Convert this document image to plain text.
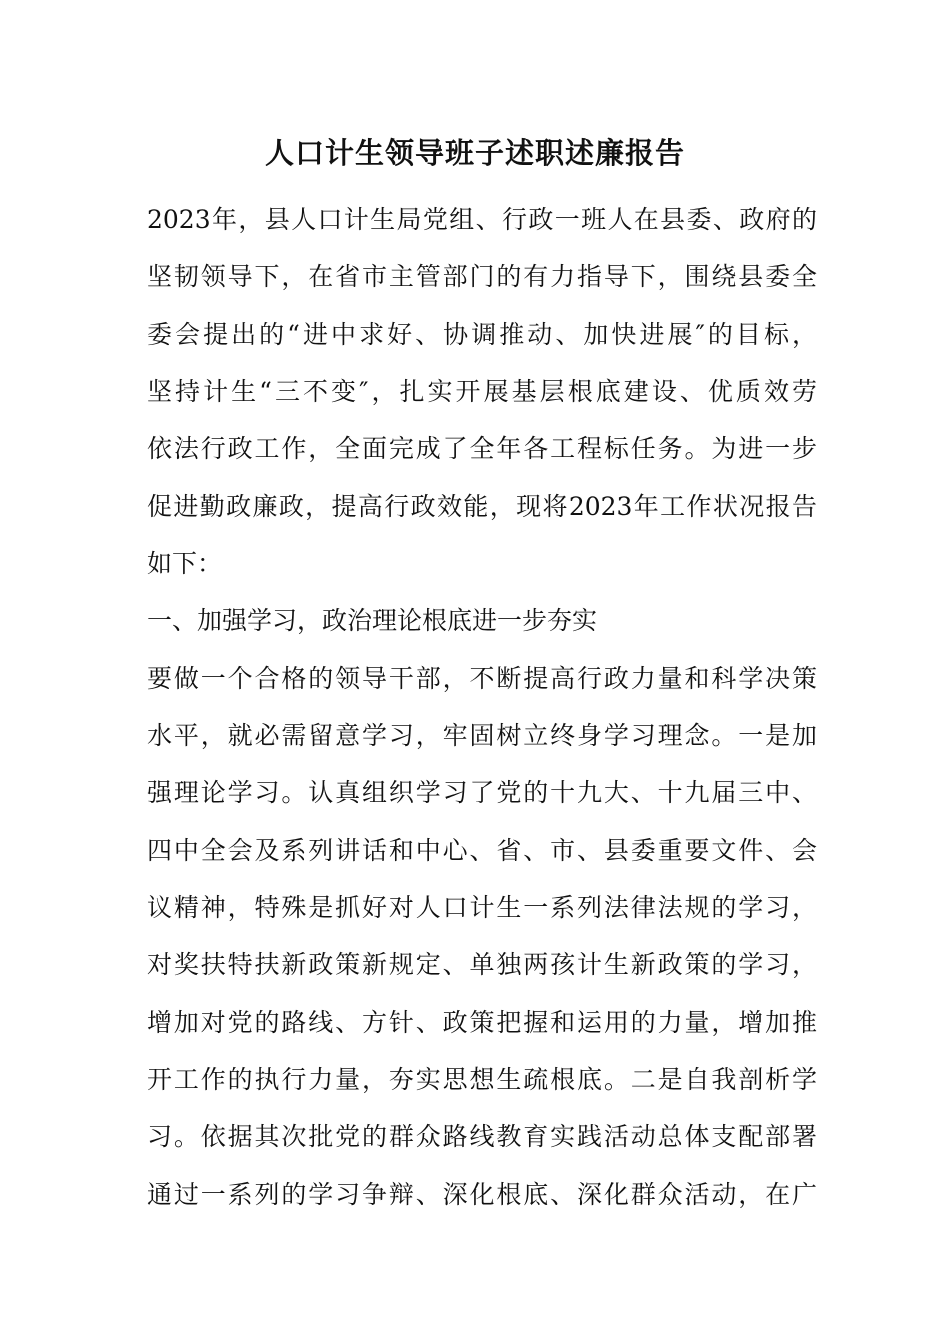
人口计生领导班子述职述廉报告

2023年，县人口计生局党组、行政一班人在县委、政府的

坚韧领导下，在省市主管部门的有力指导下，围绕县委全

委会提出的“进中求好、协调推动、加快进展″的目标，

坚持计生“三不变″，扎实开展基层根底建设、优质效劳

依法行政工作，全面完成了全年各工程标任务。为进一步

促进勤政廉政，提高行政效能，现将2023年工作状况报告

如下：

一、加强学习，政治理论根底进一步夯实

要做一个合格的领导干部，不断提高行政力量和科学决策

水平，就必需留意学习，牢固树立终身学习理念。一是加

强理论学习。认真组织学习了党的十九大、十九届三中、

四中全会及系列讲话和中心、省、市、县委重要文件、会

议精神，特殊是抓好对人口计生一系列法律法规的学习，

对奖扶特扶新政策新规定、单独两孩计生新政策的学习，

增加对党的路线、方针、政策把握和运用的力量，增加推

开工作的执行力量，夯实思想生疏根底。二是自我剖析学

习。依据其次批党的群众路线教育实践活动总体支配部署

通过一系列的学习争辩、深化根底、深化群众活动，在广
